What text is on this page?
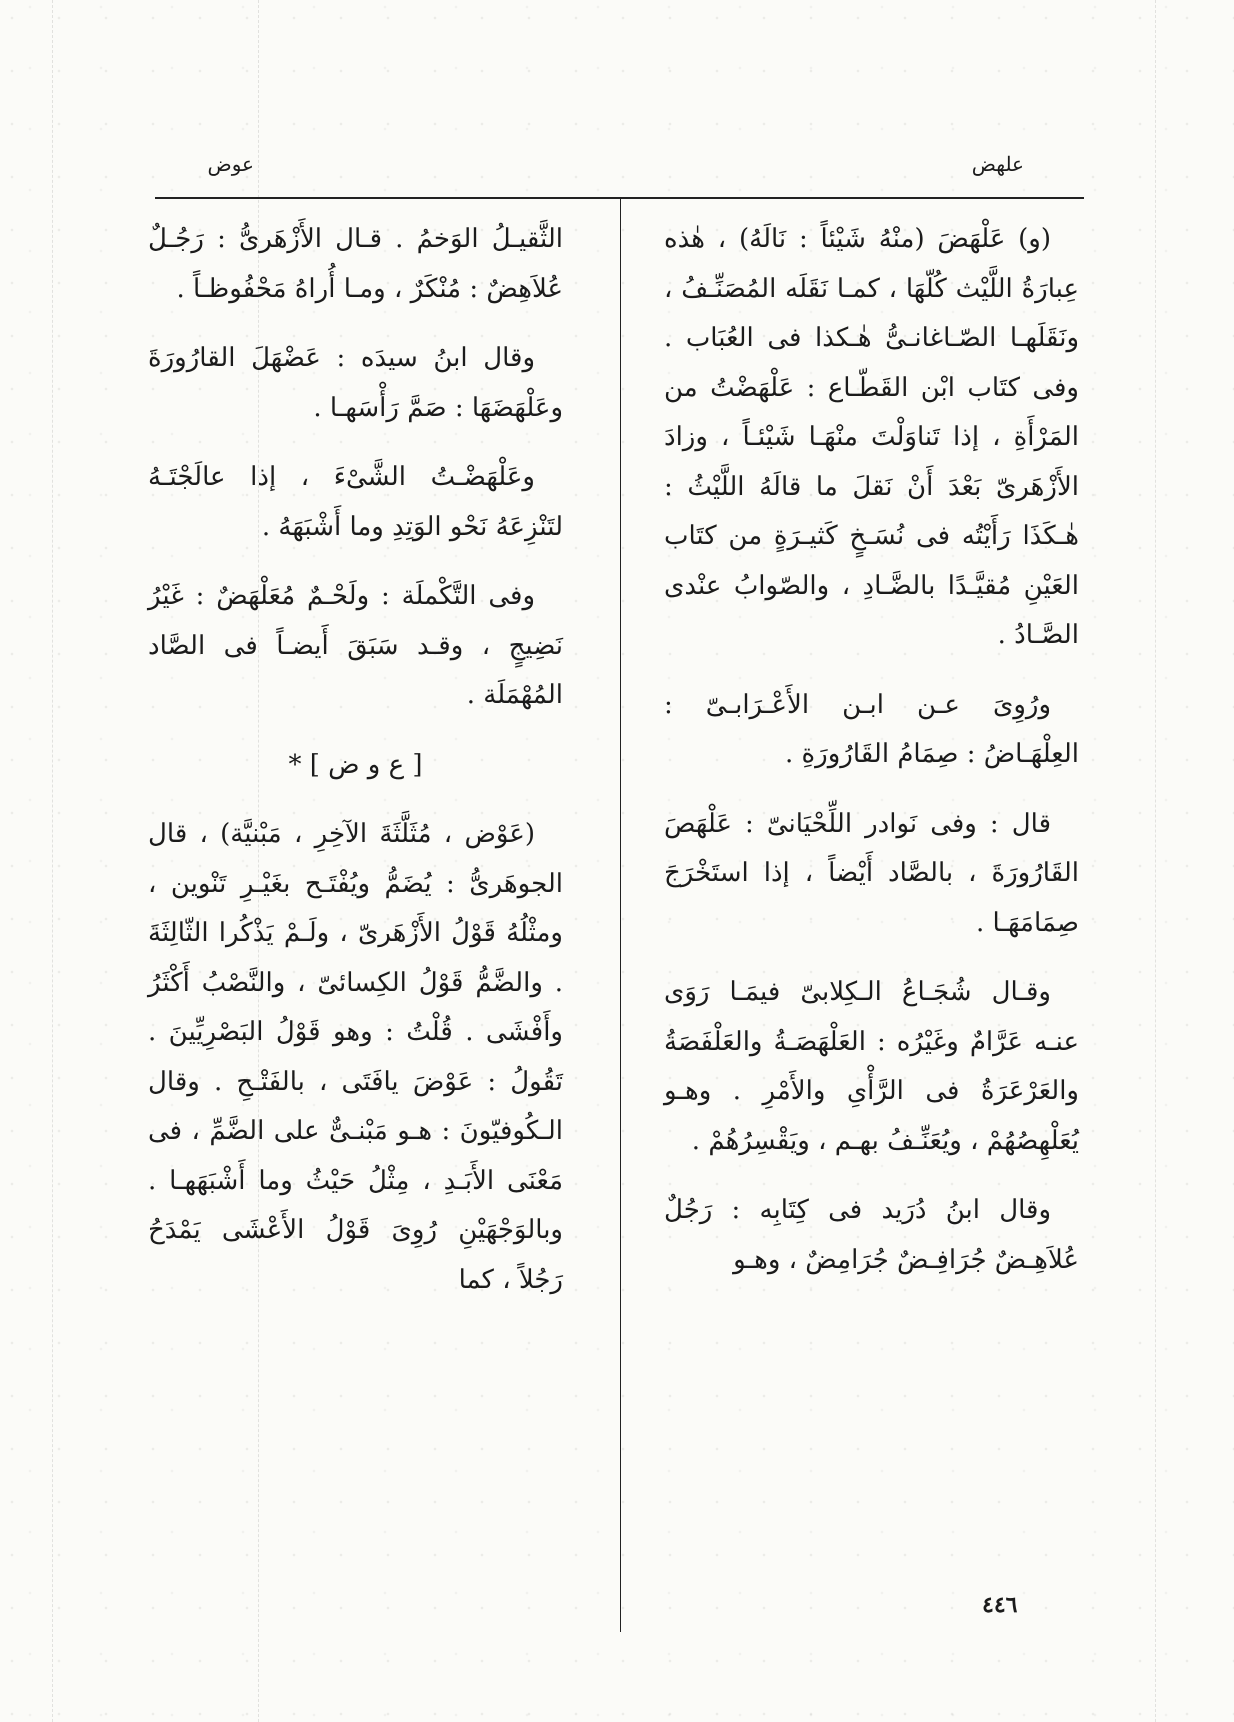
علهض
عوض

(و) عَلْهَضَ (منْهُ شَيْئاً : نَالَهُ) ، هٰذه عِبارَةُ اللَّيْث كُلّهَا ، كمـا نَقَلَه المُصَنِّـفُ ، ونَقَلَهـا الصّـاغانـىُّ هٰـكذا فى العُبَاب . وفى كتَاب ابْن القَطّـاع : عَلْهَضْتُ من المَرْأَةِ ، إذا تَناوَلْتَ منْهَـا شَيْئـاً ، وزادَ الأَزْهَرىّ بَعْدَ أَنْ نَقلَ ما قالَهُ اللَّيْثُ : هٰـكَذَا رَأَيْتُه فى نُسَـخٍ كَثيـرَةٍ من كتَاب العَيْنِ مُقيَّـدًا بالضَّـادِ ، والصّوابُ عنْدى الصَّـادُ .

ورُوِىَ عـن ابـن الأَعْـرَابـىّ : العِلْهَـاضُ : صِمَامُ القَارُورَةِ .

قال : وفى نَوادر اللِّحْيَانىّ : عَلْهَصَ القَارُورَةَ ، بالصَّاد أَيْضاً ، إذا استَخْرَجَ صِمَامَهَـا .

وقـال شُجَـاعُ الـكِلابىّ فيمَـا رَوَى عنـه عَرَّامٌ وغَيْرُه : العَلْهَصَـةُ والعَلْفَصَةُ والعَرْعَرَةُ فى الرَّأْىِ والأَمْرِ . وهـو يُعَلْهِصُهُمْ ، ويُعَنِّـفُ بهـم ، ويَقْسِرُهُمْ .

وقال ابنُ دُرَيد فى كِتَابِه : رَجُلٌ عُلاَهِـضٌ جُرَافِـضٌ جُرَامِضٌ ، وهـو

الثَّقيـلُ الوَخمُ . قـال الأَزْهَرىُّ : رَجُـلٌ عُلاَهِضٌ : مُنْكَرٌ ، ومـا أُراهُ مَحْفُوظـاً .

وقال ابنُ سيدَه : عَضْهَلَ القارُورَةَ وعَلْهَضَهَا : صَمَّ رَأْسَهـا .

وعَلْهَضْـتُ الشَّىْءَ ، إذا عالَجْتَـهُ لتَنْزِعَهُ نَحْو الوَتِدِ وما أَشْبَهَهُ .

وفى التَّكْملَة : ولَحْـمٌ مُعَلْهَضٌ : غَيْرُ نَضِيجٍ ، وقـد سَبَقَ أَيضـاً فى الصَّاد المُهْمَلَة .

[ ع و ض ] *

(عَوْض ، مُثَلَّثَةَ الآخِرِ ، مَبْنيَّة) ، قال الجوهَرىُّ : يُضَمُّ ويُفْتَـح بغَيْـرِ تَنْوين ، ومثْلُهُ قَوْلُ الأَزْهَرىّ ، ولَـمْ يَذْكُرا الثّالِثَةَ . والضَّمُّ قَوْلُ الكِسائىّ ، والنَّصْبُ أَكْثَرُ وأَفْشَى . قُلْتُ : وهو قَوْلُ البَصْرِيِّينَ . تَقُولُ : عَوْضَ يافَتَى ، بالفَتْـحِ . وقال الـكُوفيّونَ : هـو مَبْنـىٌّ على الضَّمِّ ، فى مَعْنَى الأَبَـدِ ، مِثْلُ حَيْثُ وما أَشْبَهَهـا . وبالوَجْهَيْنِ رُوِىَ قَوْلُ الأَعْشَى يَمْدَحُ رَجُلاً ، كما

٤٤٦
